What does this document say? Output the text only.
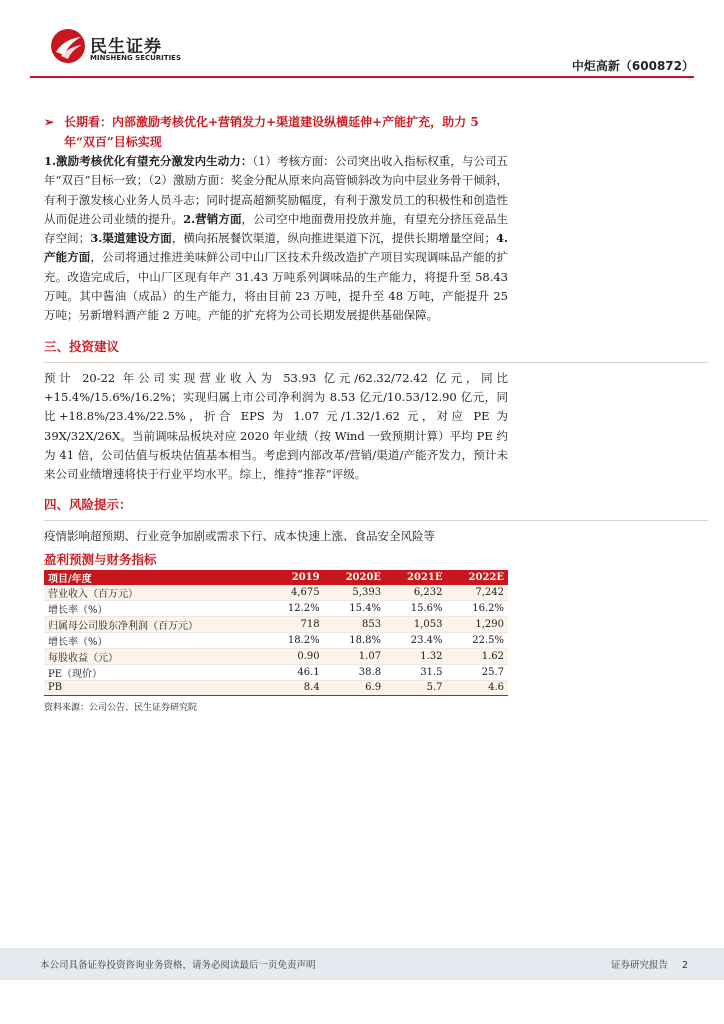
民生证券
MINSHENG SECURITIES
中炬高新（600872）
➢ 长期看：内部激励考核优化+营销发力+渠道建设纵横延伸+产能扩充，助力 5 年“双百”目标实现

1.激励考核优化有望充分激发内生动力：（1）考核方面：公司突出收入指标权重，与公司五年“双百”目标一致；（2）激励方面：奖金分配从原来向高管倾斜改为向中层业务骨干倾斜，有利于激发核心业务人员斗志；同时提高超额奖励幅度，有利于激发员工的积极性和创造性从而促进公司业绩的提升。2.营销方面，公司空中地面费用投放并施，有望充分挤压竞品生存空间；3.渠道建设方面，横向拓展餐饮渠道，纵向推进渠道下沉，提供长期增量空间；4.产能方面，公司将通过推进美味鲜公司中山厂区技术升级改造扩产项目实现调味品产能的扩充。改造完成后，中山厂区现有年产 31.43 万吨系列调味品的生产能力，将提升至 58.43 万吨。其中酱油（成品）的生产能力，将由目前 23 万吨，提升至 48 万吨，产能提升 25 万吨；另新增料酒产能 2 万吨。产能的扩充将为公司长期发展提供基础保障。

三、投资建议

预计 20-22 年公司实现营业收入为 53.93 亿元/62.32/72.42 亿元，同比+15.4%/15.6%/16.2%；实现归属上市公司净利润为 8.53 亿元/10.53/12.90 亿元，同比+18.8%/23.4%/22.5%，折合 EPS 为 1.07 元/1.32/1.62 元，对应 PE 为 39X/32X/26X。当前调味品板块对应 2020 年业绩（按 Wind 一致预期计算）平均 PE 约为 41 倍，公司估值与板块估值基本相当。考虑到内部改革/营销/渠道/产能齐发力，预计未来公司业绩增速将快于行业平均水平。综上，维持“推荐”评级。

四、风险提示：

疫情影响超预期、行业竞争加剧或需求下行、成本快速上涨、食品安全风险等

盈利预测与财务指标
项目/年度	2019	2020E	2021E	2022E
营业收入（百万元）	4,675	5,393	6,232	7,242
增长率（%）	12.2%	15.4%	15.6%	16.2%
归属母公司股东净利润（百万元）	718	853	1,053	1,290
增长率（%）	18.2%	18.8%	23.4%	22.5%
每股收益（元）	0.90	1.07	1.32	1.62
PE（现价）	46.1	38.8	31.5	25.7
PB	8.4	6.9	5.7	4.6
资料来源：公司公告、民生证券研究院
本公司具备证券投资咨询业务资格，请务必阅读最后一页免责声明	证券研究报告 2
